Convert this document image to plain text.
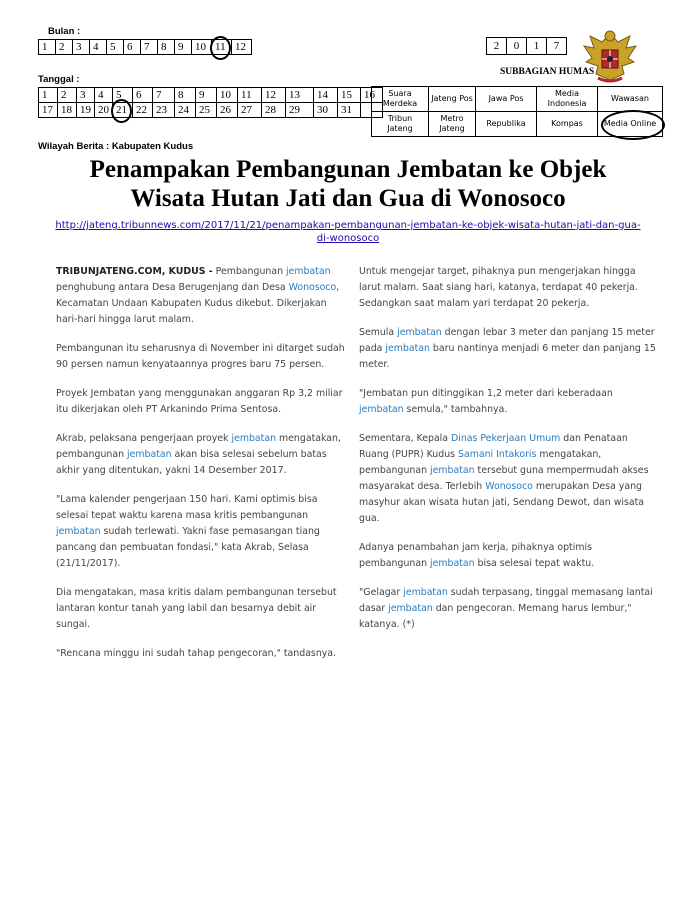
Bulan :
1	2	3	4	5	6	7	8	9	10	11	12
Tanggal :
1	2	3	4	5	6	7	8	9	10	11	12	13	14	15	16
17	18	19	20	21	22	23	24	25	26	27	28	29	30	31	
2	0	1	7
SUBBAGIAN HUMAS
Suara Merdeka	Jateng Pos	Jawa Pos	Media Indonesia	Wawasan
Tribun Jateng	Metro Jateng	Republika	Kompas	Media Online
Wilayah Berita : Kabupaten Kudus
Penampakan Pembangunan Jembatan ke Objek
Wisata Hutan Jati dan Gua di Wonosoco
http://jateng.tribunnews.com/2017/11/21/penampakan-pembangunan-jembatan-ke-objek-wisata-hutan-jati-dan-gua-
di-wonosoco

TRIBUNJATENG.COM, KUDUS - Pembangunan jembatan penghubung antara Desa Berugenjang dan Desa Wonosoco, Kecamatan Undaan Kabupaten Kudus dikebut. Dikerjakan hari-hari hingga larut malam.

Pembangunan itu seharusnya di November ini ditarget sudah 90 persen namun kenyataannya progres baru 75 persen.

Proyek Jembatan yang menggunakan anggaran Rp 3,2 miliar itu dikerjakan oleh PT Arkanindo Prima Sentosa.

Akrab, pelaksana pengerjaan proyek jembatan mengatakan, pembangunan jembatan akan bisa selesai sebelum batas akhir yang ditentukan, yakni 14 Desember 2017.

"Lama kalender pengerjaan 150 hari. Kami optimis bisa selesai tepat waktu karena masa kritis pembangunan jembatan sudah terlewati. Yakni fase pemasangan tiang pancang dan pembuatan fondasi," kata Akrab, Selasa (21/11/2017).

Dia mengatakan, masa kritis dalam pembangunan tersebut lantaran kontur tanah yang labil dan besarnya debit air sungai.

"Rencana minggu ini sudah tahap pengecoran," tandasnya.

Untuk mengejar target, pihaknya pun mengerjakan hingga larut malam. Saat siang hari, katanya, terdapat 40 pekerja. Sedangkan saat malam yari terdapat 20 pekerja.

Semula jembatan dengan lebar 3 meter dan panjang 15 meter pada jembatan baru nantinya menjadi 6 meter dan panjang 15 meter.

"Jembatan pun ditinggikan 1,2 meter dari keberadaan jembatan semula," tambahnya.

Sementara, Kepala Dinas Pekerjaan Umum dan Penataan Ruang (PUPR) Kudus Samani Intakoris mengatakan, pembangunan jembatan tersebut guna mempermudah akses masyarakat desa. Terlebih Wonosoco merupakan Desa yang masyhur akan wisata hutan jati, Sendang Dewot, dan wisata gua.

Adanya penambahan jam kerja, pihaknya optimis pembangunan jembatan bisa selesai tepat waktu.

"Gelagar jembatan sudah terpasang, tinggal memasang lantai dasar jembatan dan pengecoran. Memang harus lembur," katanya. (*)
